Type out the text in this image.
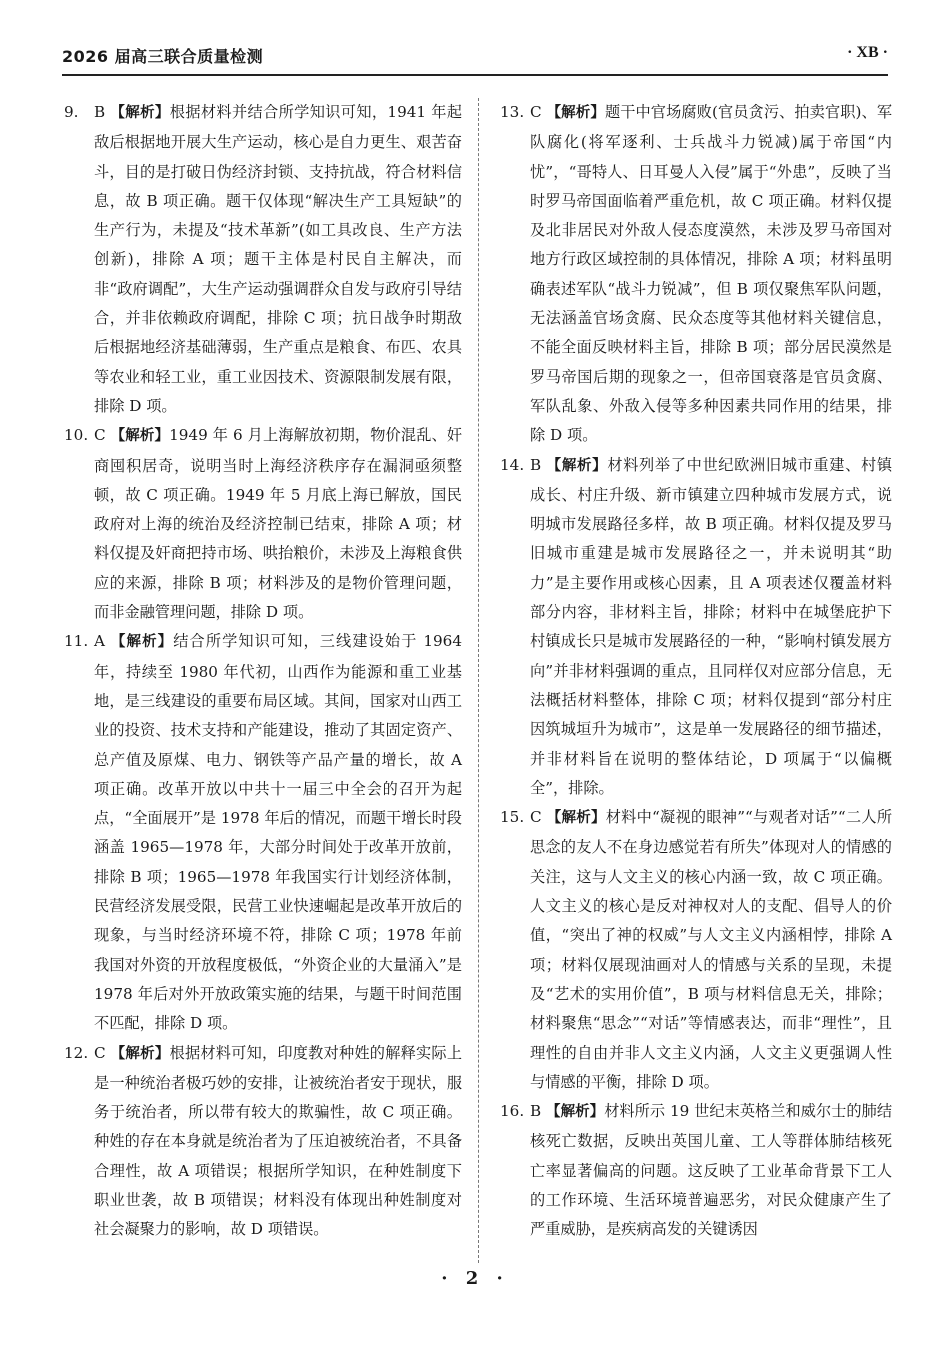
2026 届高三联合质量检测	· XB ·
9. B 【解析】根据材料并结合所学知识可知，1941 年起敌后根据地开展大生产运动，核心是自力更生、艰苦奋斗，目的是打破日伪经济封锁、支持抗战，符合材料信息，故 B 项正确。题干仅体现“解决生产工具短缺”的生产行为，未提及“技术革新”(如工具改良、生产方法创新)，排除 A 项；题干主体是村民自主解决，而非“政府调配”，大生产运动强调群众自发与政府引导结合，并非依赖政府调配，排除 C 项；抗日战争时期敌后根据地经济基础薄弱，生产重点是粮食、布匹、农具等农业和轻工业，重工业因技术、资源限制发展有限，排除 D 项。
10. C 【解析】1949 年 6 月上海解放初期，物价混乱、奸商囤积居奇，说明当时上海经济秩序存在漏洞亟须整顿，故 C 项正确。1949 年 5 月底上海已解放，国民政府对上海的统治及经济控制已结束，排除 A 项；材料仅提及奸商把持市场、哄抬粮价，未涉及上海粮食供应的来源，排除 B 项；材料涉及的是物价管理问题，而非金融管理问题，排除 D 项。
11. A 【解析】结合所学知识可知，三线建设始于 1964 年，持续至 1980 年代初，山西作为能源和重工业基地，是三线建设的重要布局区域。其间，国家对山西工业的投资、技术支持和产能建设，推动了其固定资产、总产值及原煤、电力、钢铁等产品产量的增长，故 A 项正确。改革开放以中共十一届三中全会的召开为起点，“全面展开”是 1978 年后的情况，而题干增长时段涵盖 1965—1978 年，大部分时间处于改革开放前，排除 B 项；1965—1978 年我国实行计划经济体制，民营经济发展受限，民营工业快速崛起是改革开放后的现象，与当时经济环境不符，排除 C 项；1978 年前我国对外资的开放程度极低，“外资企业的大量涌入”是 1978 年后对外开放政策实施的结果，与题干时间范围不匹配，排除 D 项。
12. C 【解析】根据材料可知，印度教对种姓的解释实际上是一种统治者极巧妙的安排，让被统治者安于现状，服务于统治者，所以带有较大的欺骗性，故 C 项正确。种姓的存在本身就是统治者为了压迫被统治者，不具备合理性，故 A 项错误；根据所学知识，在种姓制度下职业世袭，故 B 项错误；材料没有体现出种姓制度对社会凝聚力的影响，故 D 项错误。
13. C 【解析】题干中官场腐败(官员贪污、拍卖官职)、军队腐化(将军逐利、士兵战斗力锐减)属于帝国“内忧”，“哥特人、日耳曼人入侵”属于“外患”，反映了当时罗马帝国面临着严重危机，故 C 项正确。材料仅提及北非居民对外敌人侵态度漠然，未涉及罗马帝国对地方行政区域控制的具体情况，排除 A 项；材料虽明确表述军队“战斗力锐减”，但 B 项仅聚焦军队问题，无法涵盖官场贪腐、民众态度等其他材料关键信息，不能全面反映材料主旨，排除 B 项；部分居民漠然是罗马帝国后期的现象之一，但帝国衰落是官员贪腐、军队乱象、外敌入侵等多种因素共同作用的结果，排除 D 项。
14. B 【解析】材料列举了中世纪欧洲旧城市重建、村镇成长、村庄升级、新市镇建立四种城市发展方式，说明城市发展路径多样，故 B 项正确。材料仅提及罗马旧城市重建是城市发展路径之一，并未说明其“助力”是主要作用或核心因素，且 A 项表述仅覆盖材料部分内容，非材料主旨，排除；材料中在城堡庇护下村镇成长只是城市发展路径的一种，“影响村镇发展方向”并非材料强调的重点，且同样仅对应部分信息，无法概括材料整体，排除 C 项；材料仅提到“部分村庄因筑城垣升为城市”，这是单一发展路径的细节描述，并非材料旨在说明的整体结论，D 项属于“以偏概全”，排除。
15. C 【解析】材料中“凝视的眼神”“与观者对话”“二人所思念的友人不在身边感觉若有所失”体现对人的情感的关注，这与人文主义的核心内涵一致，故 C 项正确。人文主义的核心是反对神权对人的支配、倡导人的价值，“突出了神的权威”与人文主义内涵相悖，排除 A 项；材料仅展现油画对人的情感与关系的呈现，未提及“艺术的实用价值”，B 项与材料信息无关，排除；材料聚焦“思念”“对话”等情感表达，而非“理性”，且理性的自由并非人文主义内涵，人文主义更强调人性与情感的平衡，排除 D 项。
16. B 【解析】材料所示 19 世纪末英格兰和威尔士的肺结核死亡数据，反映出英国儿童、工人等群体肺结核死亡率显著偏高的问题。这反映了工业革命背景下工人的工作环境、生活环境普遍恶劣，对民众健康产生了严重威胁，是疾病高发的关键诱因
· 2 ·
